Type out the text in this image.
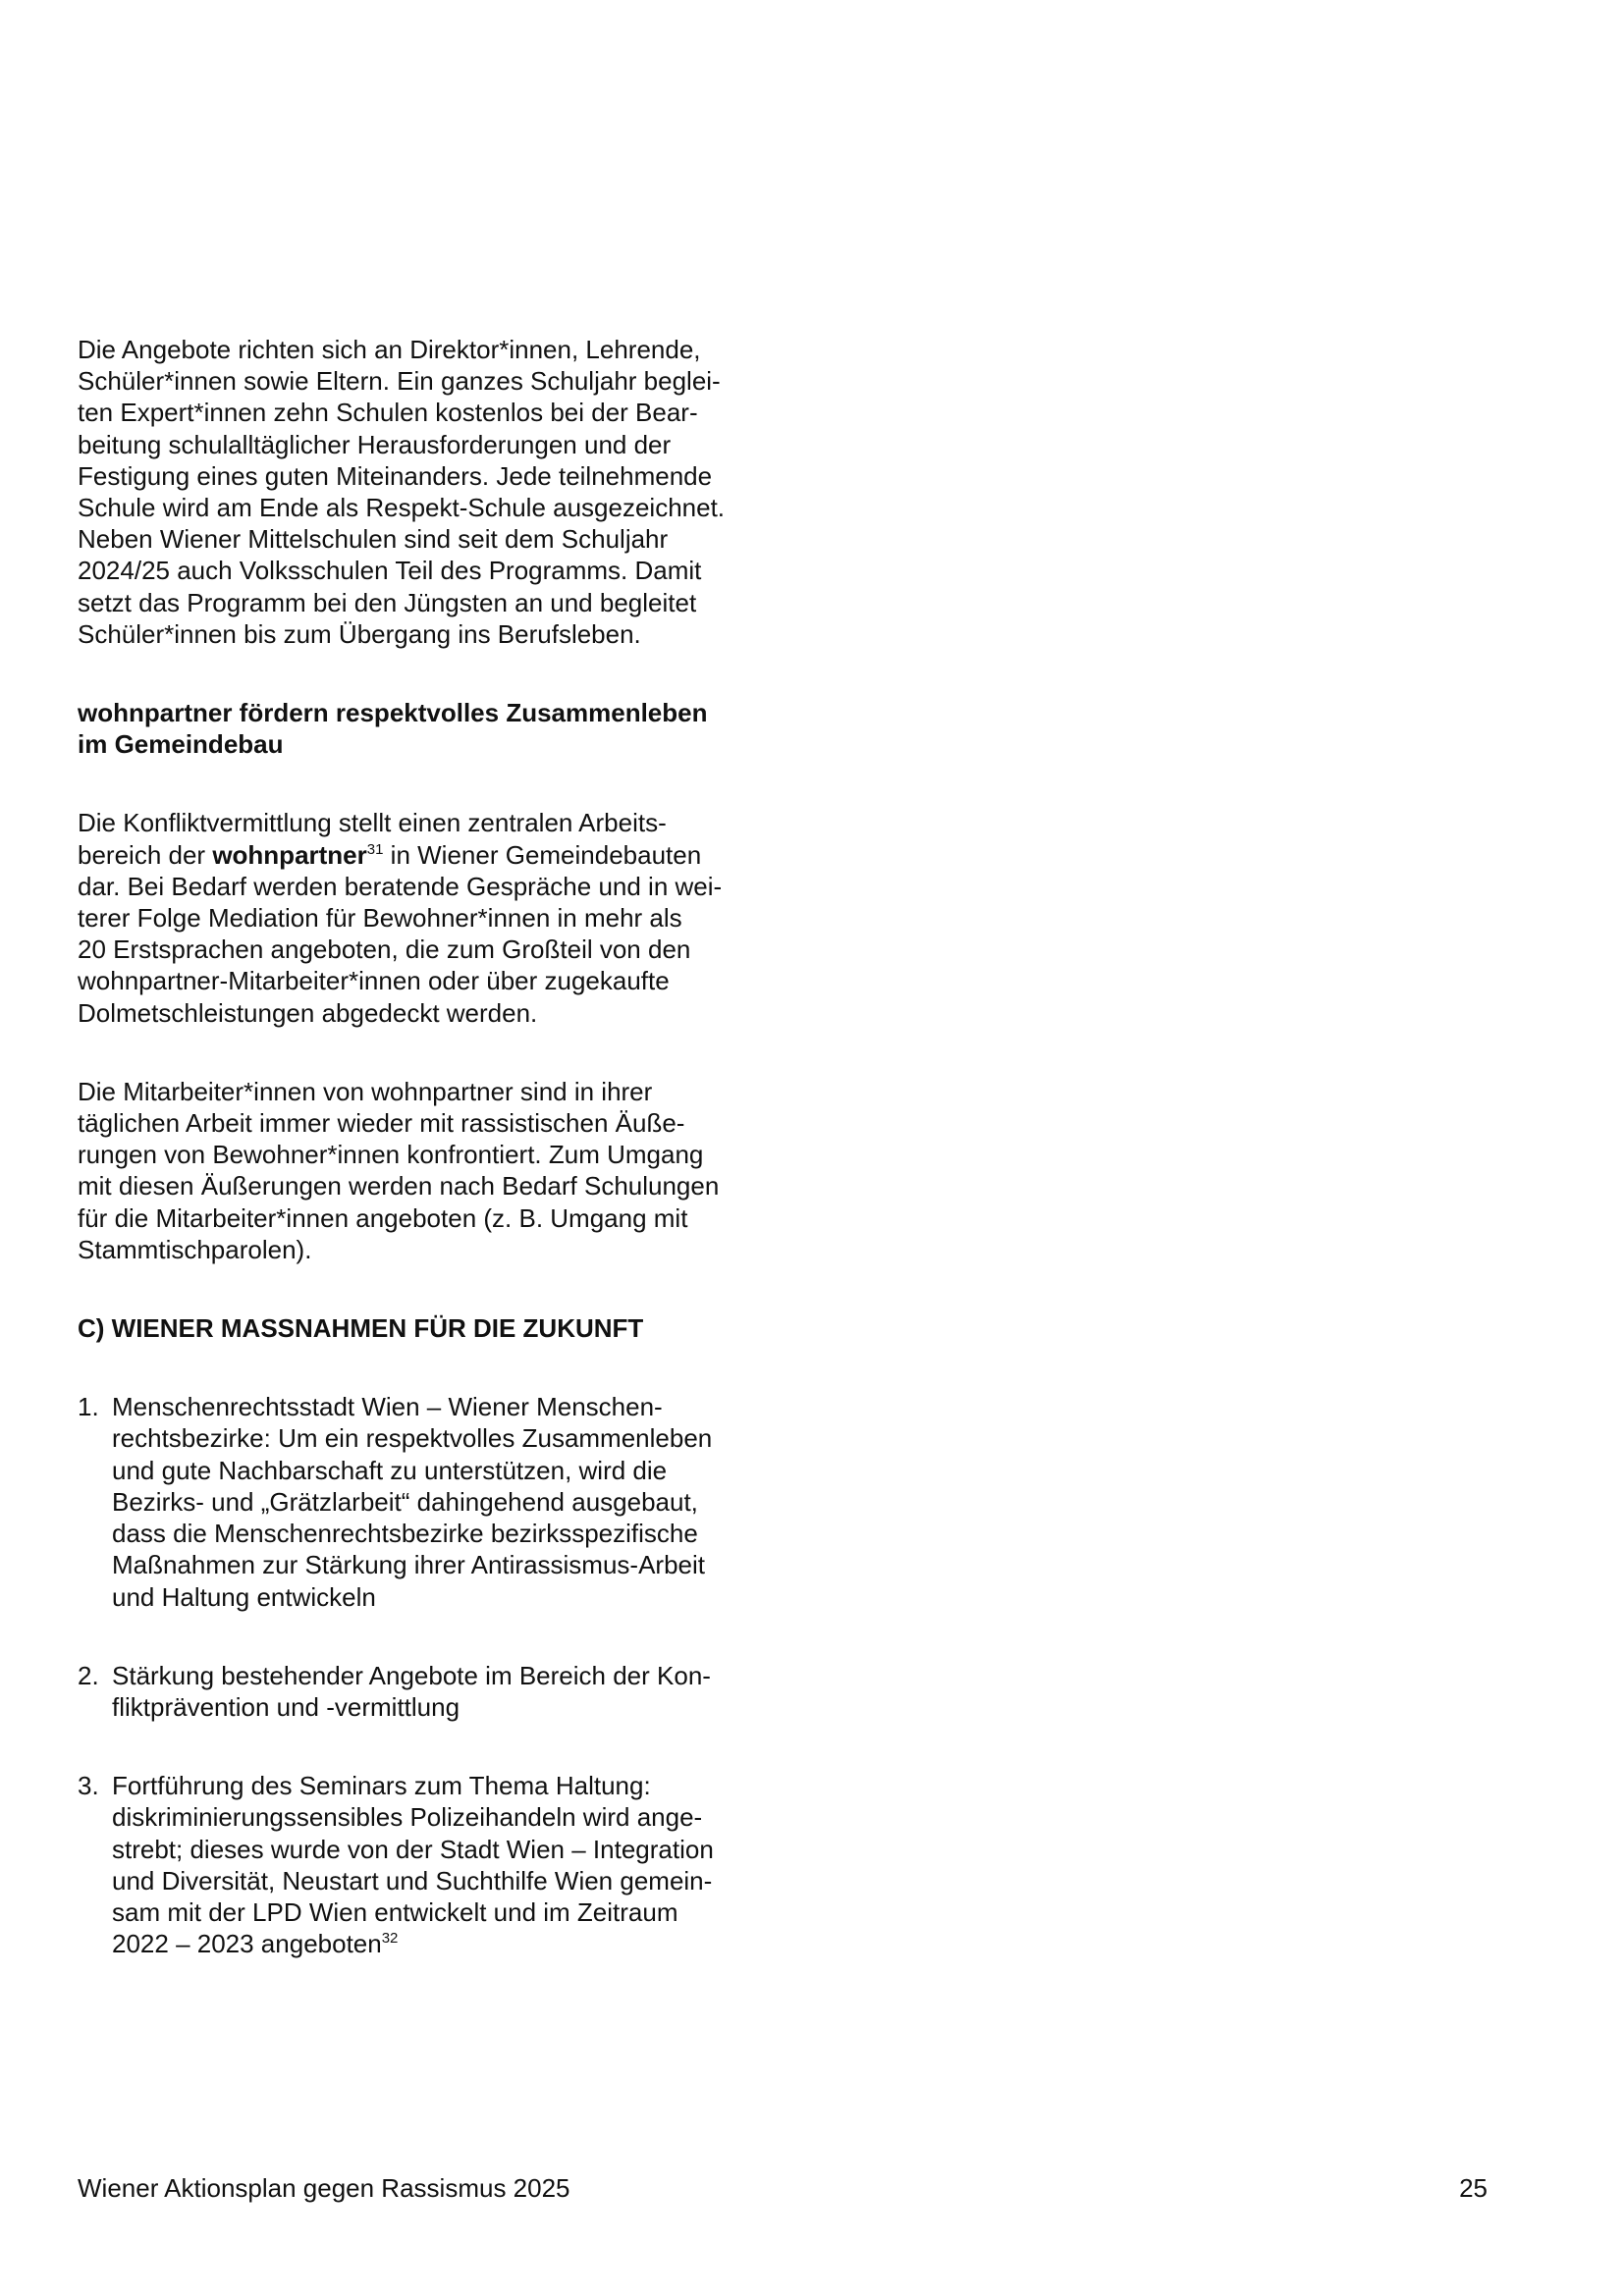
Die Angebote richten sich an Direktor*innen, Lehrende,
Schüler*innen sowie Eltern. Ein ganzes Schuljahr beglei-
ten Expert*innen zehn Schulen kostenlos bei der Bear-
beitung schulalltäglicher Herausforderungen und der
Festigung eines guten Miteinanders. Jede teilnehmende
Schule wird am Ende als Respekt-Schule ausgezeichnet.
Neben Wiener Mittelschulen sind seit dem Schuljahr
2024/25 auch Volksschulen Teil des Programms. Damit
setzt das Programm bei den Jüngsten an und begleitet
Schüler*innen bis zum Übergang ins Berufsleben.

wohnpartner fördern respektvolles Zusammenleben
im Gemeindebau

Die Konfliktvermittlung stellt einen zentralen Arbeits-
bereich der wohnpartner$^{31}$ in Wiener Gemeindebauten
dar. Bei Bedarf werden beratende Gespräche und in wei-
terer Folge Mediation für Bewohner*innen in mehr als
20 Erstsprachen angeboten, die zum Großteil von den
wohnpartner-Mitarbeiter*innen oder über zugekaufte
Dolmetschleistungen abgedeckt werden.

Die Mitarbeiter*innen von wohnpartner sind in ihrer
täglichen Arbeit immer wieder mit rassistischen Äuße-
rungen von Bewohner*innen konfrontiert. Zum Umgang
mit diesen Äußerungen werden nach Bedarf Schulungen
für die Mitarbeiter*innen angeboten (z. B. Umgang mit
Stammtischparolen).

C) WIENER MASSNAHMEN FÜR DIE ZUKUNFT
1. Menschenrechtsstadt Wien – Wiener Menschen-
rechtsbezirke: Um ein respektvolles Zusammenleben
und gute Nachbarschaft zu unterstützen, wird die
Bezirks- und „Grätzlarbeit“ dahingehend ausgebaut,
dass die Menschenrechtsbezirke bezirksspezifische
Maßnahmen zur Stärkung ihrer Antirassismus-Arbeit
und Haltung entwickeln
2. Stärkung bestehender Angebote im Bereich der Kon-
fliktprävention und -vermittlung
3. Fortführung des Seminars zum Thema Haltung:
diskriminierungssensibles Polizeihandeln wird ange-
strebt; dieses wurde von der Stadt Wien – Integration
und Diversität, Neustart und Suchthilfe Wien gemein-
sam mit der LPD Wien entwickelt und im Zeitraum
2022 – 2023 angeboten$^{32}$
Wiener Aktionsplan gegen Rassismus 2025	25
